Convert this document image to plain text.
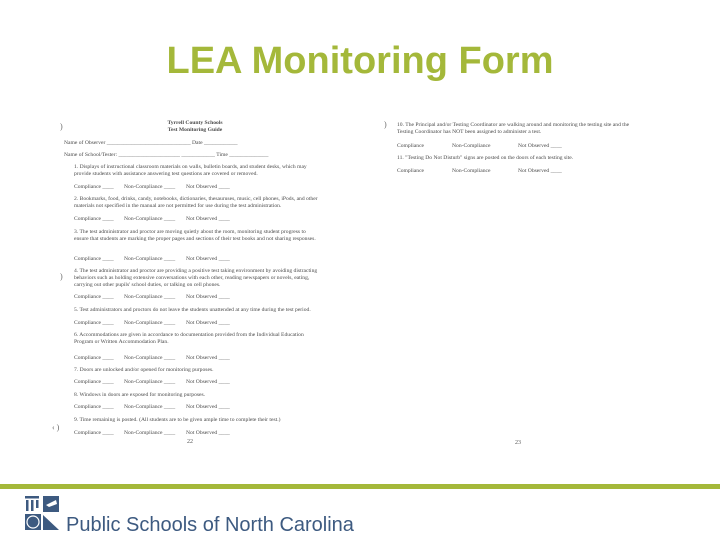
LEA Monitoring Form
)
)
‹ )
Tyrrell County Schools
Test Monitoring Guide
Name of Observer ______________________________ Date ____________
Name of School/Tester: ______________________ ____________ Time ______________
1. Displays of instructional classroom materials on walls, bulletin boards, and student desks, which may provide students with assistance answering test questions are covered or removed.
Compliance ____ Non-Compliance ____ Not Observed ____
2. Bookmarks, food, drinks, candy, notebooks, dictionaries, thesauruses, music, cell phones, iPods, and other materials not specified in the manual are not permitted for use during the test administration.
Compliance ____ Non-Compliance ____ Not Observed ____
3. The test administrator and proctor are moving quietly about the room, monitoring student progress to ensure that students are marking the proper pages and sections of their test books and not sharing responses.
Compliance ____ Non-Compliance ____ Not Observed ____
4. The test administrator and proctor are providing a positive test taking environment by avoiding distracting behaviors such as holding extensive conversations with each other, reading newspapers or novels, eating, carrying out other pupils' school duties, or talking on cell phones.
Compliance ____ Non-Compliance ____ Not Observed ____
5. Test administrators and proctors do not leave the students unattended at any time during the test period.
Compliance ____ Non-Compliance ____ Not Observed ____
6. Accommodations are given in accordance to documentation provided from the Individual Education Program or Written Accommodation Plan.
Compliance ____ Non-Compliance ____ Not Observed ____
7. Doors are unlocked and/or opened for monitoring purposes.
Compliance ____ Non-Compliance ____ Not Observed ____
8. Windows in doors are exposed for monitoring purposes.
Compliance ____ Non-Compliance ____ Not Observed ____
9. Time remaining is posted. (All students are to be given ample time to complete their test.)
Compliance ____ Non-Compliance ____ Not Observed ____
22
) 10. The Principal and/or Testing Coordinator are walking around and monitoring the testing site and the Testing Coordinator has NOT been assigned to administer a test.
Compliance	Non-Compliance	Not Observed ____
11. "Testing Do Not Disturb" signs are posted on the doors of each testing site.
Compliance	Non-Compliance	Not Observed ____
23
Public Schools of North Carolina
